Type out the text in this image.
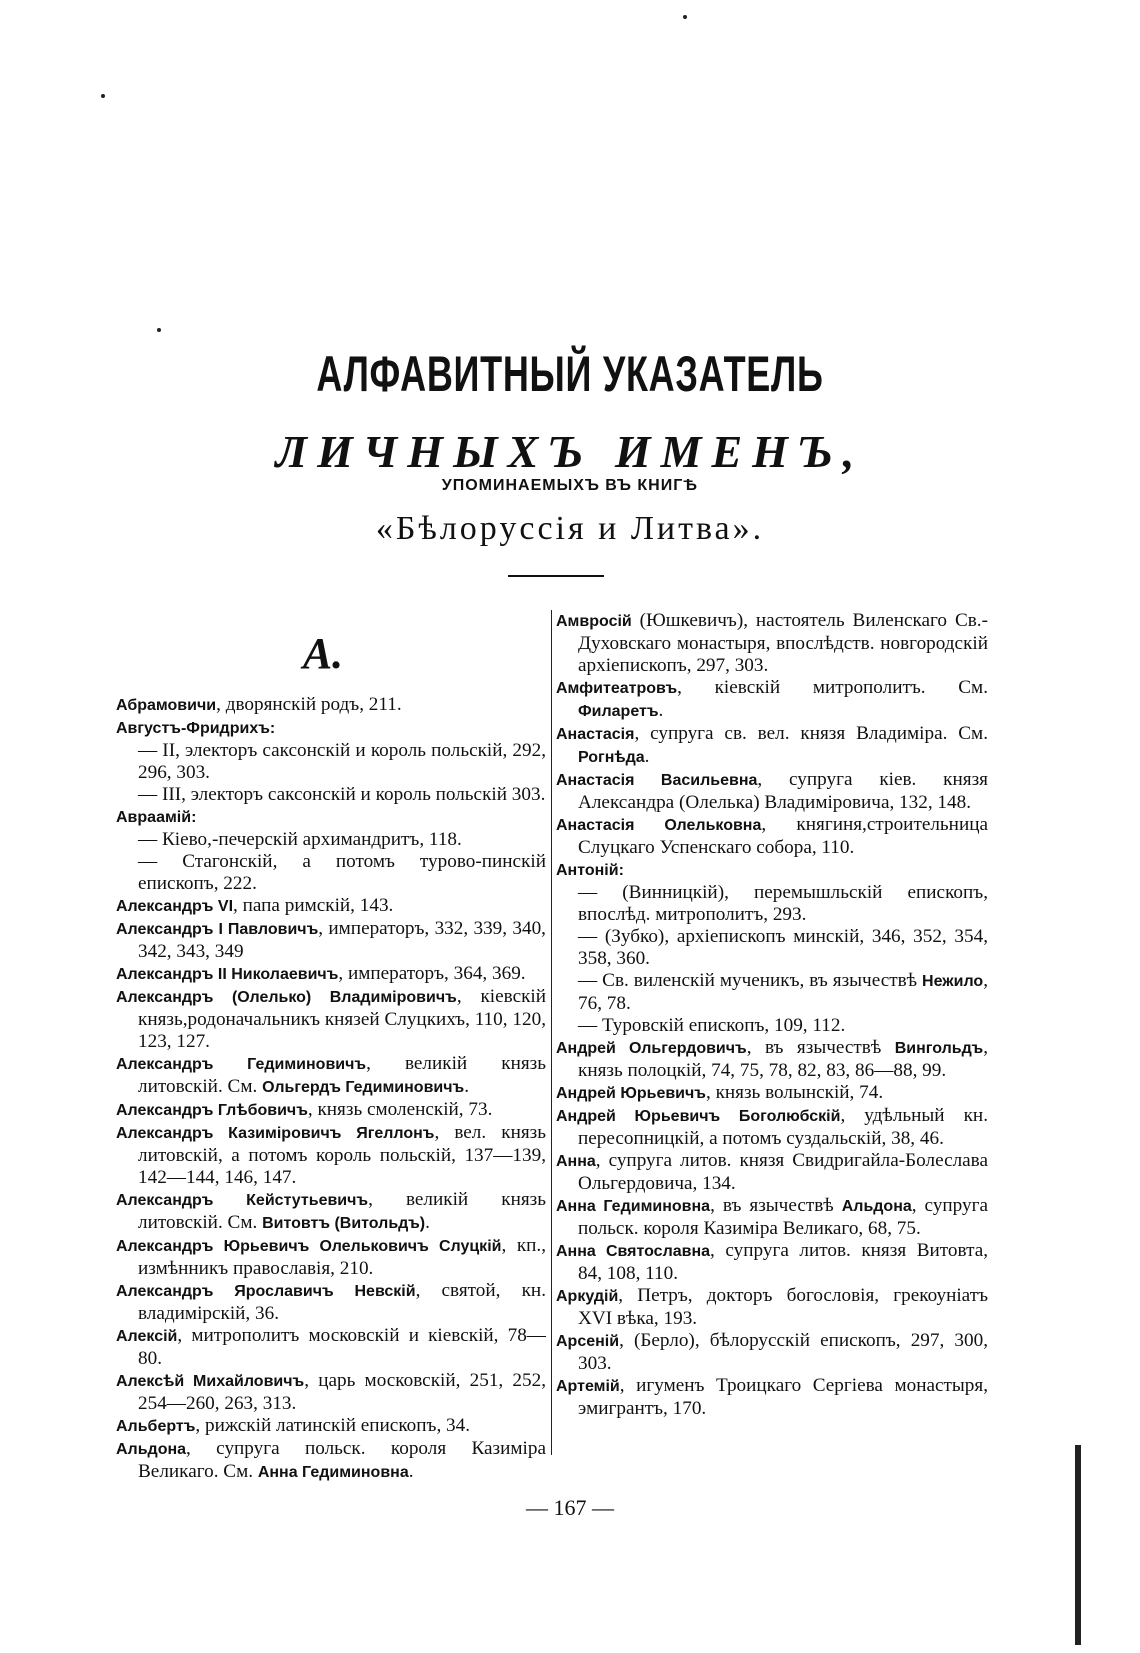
АЛФАВИТНЫЙ УКАЗАТЕЛЬ
ЛИЧНЫХЪ ИМЕНЪ,
УПОМИНАЕМЫХЪ ВЪ КНИГѢ
«Бѣлоруссія и Литва».
А.

Абрамовичи, дворянскій родъ, 211.

Августъ-Фридрихъ:

— II, электоръ саксонскій и король польскій, 292, 296, 303.

— III, электоръ саксонскій и король польскій 303.

Авраамій:

— Кіево,-печерскій архимандритъ, 118.

— Стагонскій, а потомъ турово-пинскій епископъ, 222.

Александръ VI, папа римскій, 143.

Александръ I Павловичъ, императоръ, 332, 339, 340, 342, 343, 349

Александръ II Николаевичъ, императоръ, 364, 369.

Александръ (Олелько) Владиміровичъ, кіевскій князь,родоначальникъ князей Слуцкихъ, 110, 120, 123, 127.

Александръ Гедиминовичъ, великій князь литовскій. См. Ольгердъ Гедиминовичъ.

Александръ Глѣбовичъ, князь смоленскій, 73.

Александръ Казиміровичъ Ягеллонъ, вел. князь литовскій, а потомъ король польскій, 137—139, 142—144, 146, 147.

Александръ Кейстутьевичъ, великій князь литовскій. См. Витовтъ (Витольдъ).

Александръ Юрьевичъ Олельковичъ Слуцкій, кп., измѣнникъ православія, 210.

Александръ Ярославичъ Невскій, святой, кн. владимірскій, 36.

Алексій, митрополитъ московскій и кіевскій, 78—80.

Алексѣй Михайловичъ, царь московскій, 251, 252, 254—260, 263, 313.

Альбертъ, рижскій латинскій епископъ, 34.

Альдона, супруга польск. короля Казиміра Великаго. См. Анна Гедиминовна.

Амвросій (Юшкевичъ), настоятель Виленскаго Св.-Духовскаго монастыря, впослѣдств. новгородскій архіепископъ, 297, 303.

Амфитеатровъ, кіевскій митрополитъ. См. Филаретъ.

Анастасія, супруга св. вел. князя Владиміра. См. Рогнѣда.

Анастасія Васильевна, супруга кіев. князя Александра (Олелька) Владиміровича, 132, 148.

Анастасія Олельковна, княгиня,строительница Слуцкаго Успенскаго собора, 110.

Антоній:

— (Винницкій), перемышльскій епископъ, впослѣд. митрополитъ, 293.

— (Зубко), архіепископъ минскій, 346, 352, 354, 358, 360.

— Св. виленскій мученикъ, въ язычествѣ Нежило, 76, 78.

— Туровскій епископъ, 109, 112.

Андрей Ольгердовичъ, въ язычествѣ Вингольдъ, князь полоцкій, 74, 75, 78, 82, 83, 86—88, 99.

Андрей Юрьевичъ, князь волынскій, 74.

Андрей Юрьевичъ Боголюбскій, удѣльный кн. пересопницкій, а потомъ суздальскій, 38, 46.

Анна, супруга литов. князя Свидригайла-Болеслава Ольгердовича, 134.

Анна Гедиминовна, въ язычествѣ Альдона, супруга польск. короля Казиміра Великаго, 68, 75.

Анна Святославна, супруга литов. князя Витовта, 84, 108, 110.

Аркудій, Петръ, докторъ богословія, грекоуніатъ XVI вѣка, 193.

Арсеній, (Берло), бѣлорусскій епископъ, 297, 300, 303.

Артемій, игуменъ Троицкаго Сергіева монастыря, эмигрантъ, 170.

— 167 —
